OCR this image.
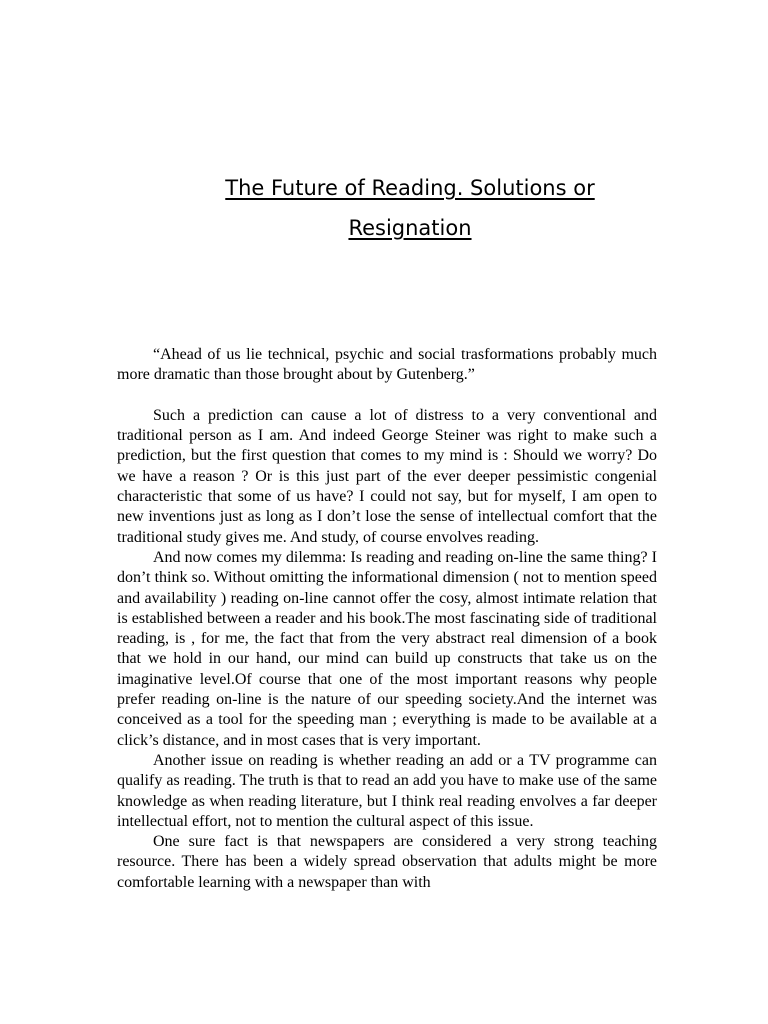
The Future of Reading. Solutions or
Resignation

“Ahead of us lie technical, psychic and social trasformations probably much more dramatic than those brought about by Gutenberg.”

Such a prediction can cause a lot of distress to a very conventional and traditional person as I am. And indeed George Steiner was right to make such a prediction, but the first question that comes to my mind is : Should we worry? Do we have a reason ? Or is this just part of the ever deeper pessimistic congenial characteristic that some of us have? I could not say, but for myself, I am open to new inventions just as long as I don’t lose the sense of intellectual comfort that the traditional study gives me. And study, of course envolves reading.

And now comes my dilemma: Is reading and reading on-line the same thing? I don’t think so. Without omitting the informational dimension ( not to mention speed and availability ) reading on-line cannot offer the cosy, almost intimate relation that is established between a reader and his book.The most fascinating side of traditional reading, is , for me, the fact that from the very abstract real dimension of a book that we hold in our hand, our mind can build up constructs that take us on the imaginative level.Of course that one of the most important reasons why people prefer reading on-line is the nature of our speeding society.And the internet was conceived as a tool for the speeding man ; everything is made to be available at a click’s distance, and in most cases that is very important.

Another issue on reading is whether reading an add or a TV programme can qualify as reading. The truth is that to read an add you have to make use of the same knowledge as when reading literature, but I think real reading envolves a far deeper intellectual effort, not to mention the cultural aspect of this issue.

One sure fact is that newspapers are considered a very strong teaching resource. There has been a widely spread observation that adults might be more comfortable learning with a newspaper than with
